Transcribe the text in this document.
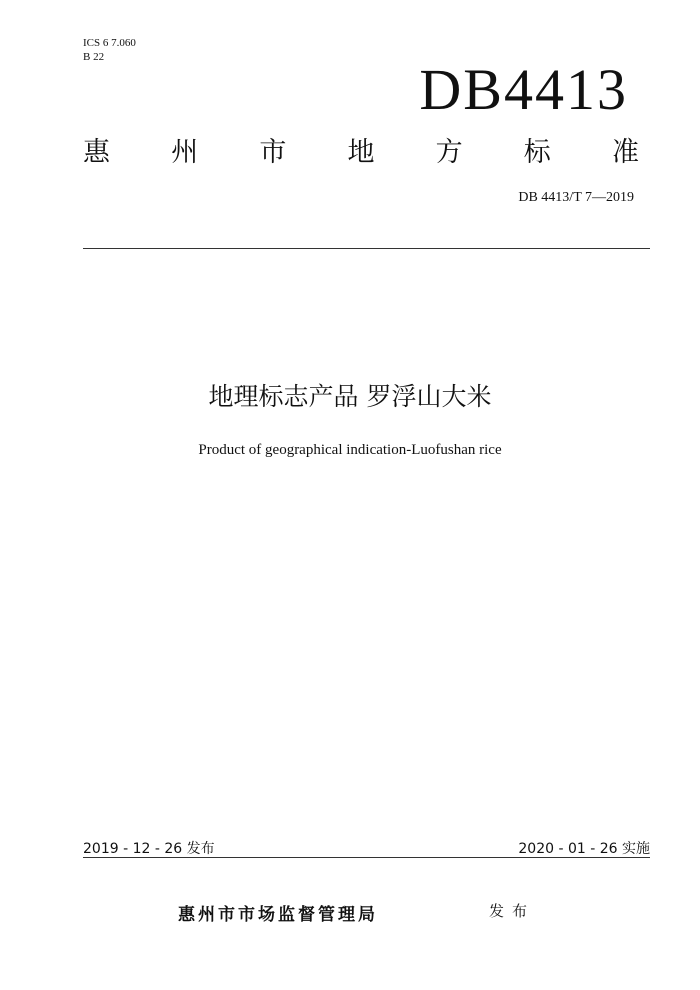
ICS 6 7.060
B 22	DB4413
惠 州 市 地 方 标 准
DB 4413/T 7—2019
地理标志产品 罗浮山大米
Product of geographical indication-Luofushan rice
2019 - 12 - 26 发布	2020 - 01 - 26 实施
惠州市市场监督管理局	发布
